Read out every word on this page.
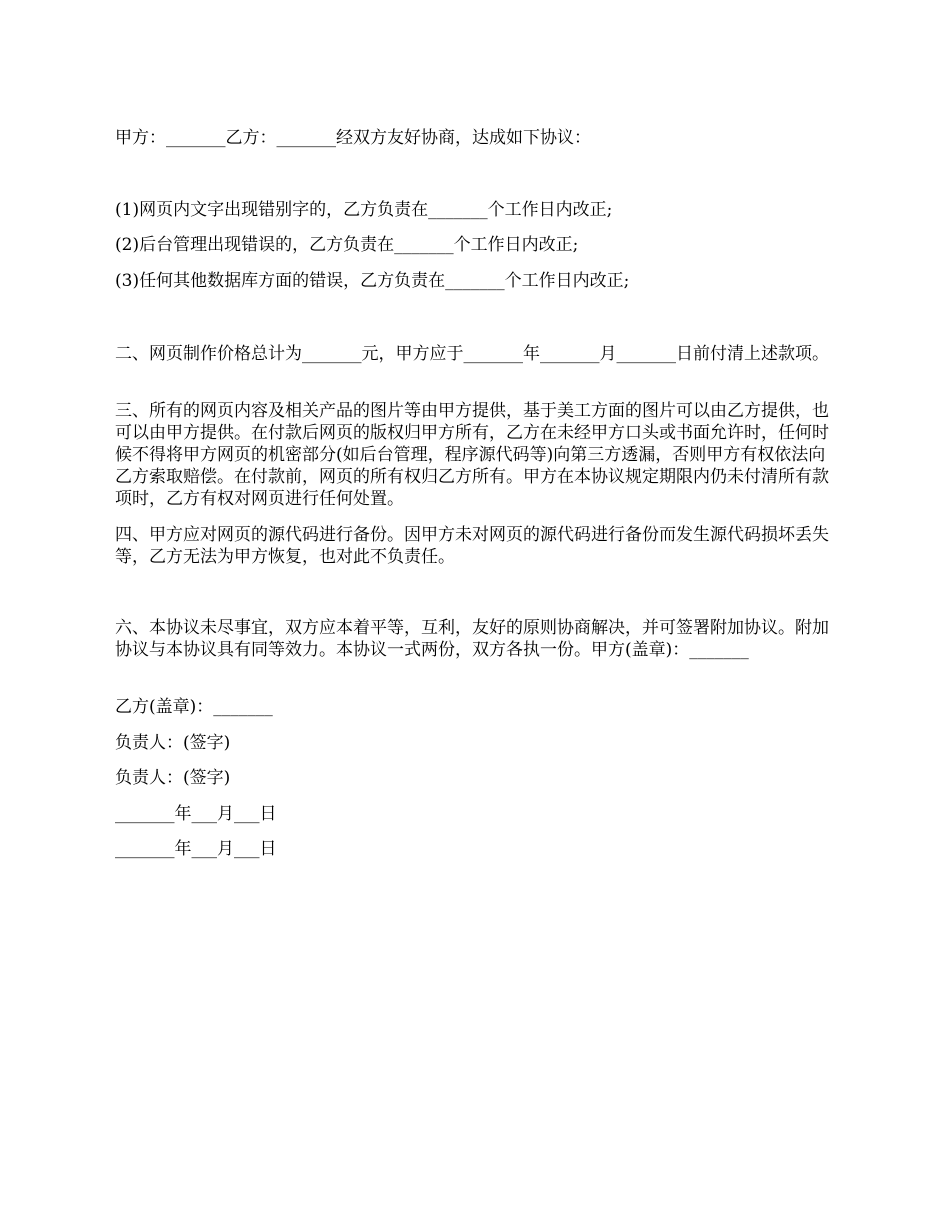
甲方：_______乙方：_______经双方友好协商，达成如下协议：

(1)网页内文字出现错别字的，乙方负责在_______个工作日内改正;

(2)后台管理出现错误的，乙方负责在_______个工作日内改正;

(3)任何其他数据库方面的错误，乙方负责在_______个工作日内改正;

二、网页制作价格总计为_______元，甲方应于_______年_______月_______日前付清上述款项。

三、所有的网页内容及相关产品的图片等由甲方提供，基于美工方面的图片可以由乙方提供，也可以由甲方提供。在付款后网页的版权归甲方所有，乙方在未经甲方口头或书面允许时，任何时候不得将甲方网页的机密部分(如后台管理，程序源代码等)向第三方透漏，否则甲方有权依法向乙方索取赔偿。在付款前，网页的所有权归乙方所有。甲方在本协议规定期限内仍未付清所有款项时，乙方有权对网页进行任何处置。

四、甲方应对网页的源代码进行备份。因甲方未对网页的源代码进行备份而发生源代码损坏丢失等，乙方无法为甲方恢复，也对此不负责任。

六、本协议未尽事宜，双方应本着平等，互利，友好的原则协商解决，并可签署附加协议。附加协议与本协议具有同等效力。本协议一式两份，双方各执一份。甲方(盖章)：_______

乙方(盖章)：_______

负责人：(签字)

负责人：(签字)

_______年___月___日

_______年___月___日
